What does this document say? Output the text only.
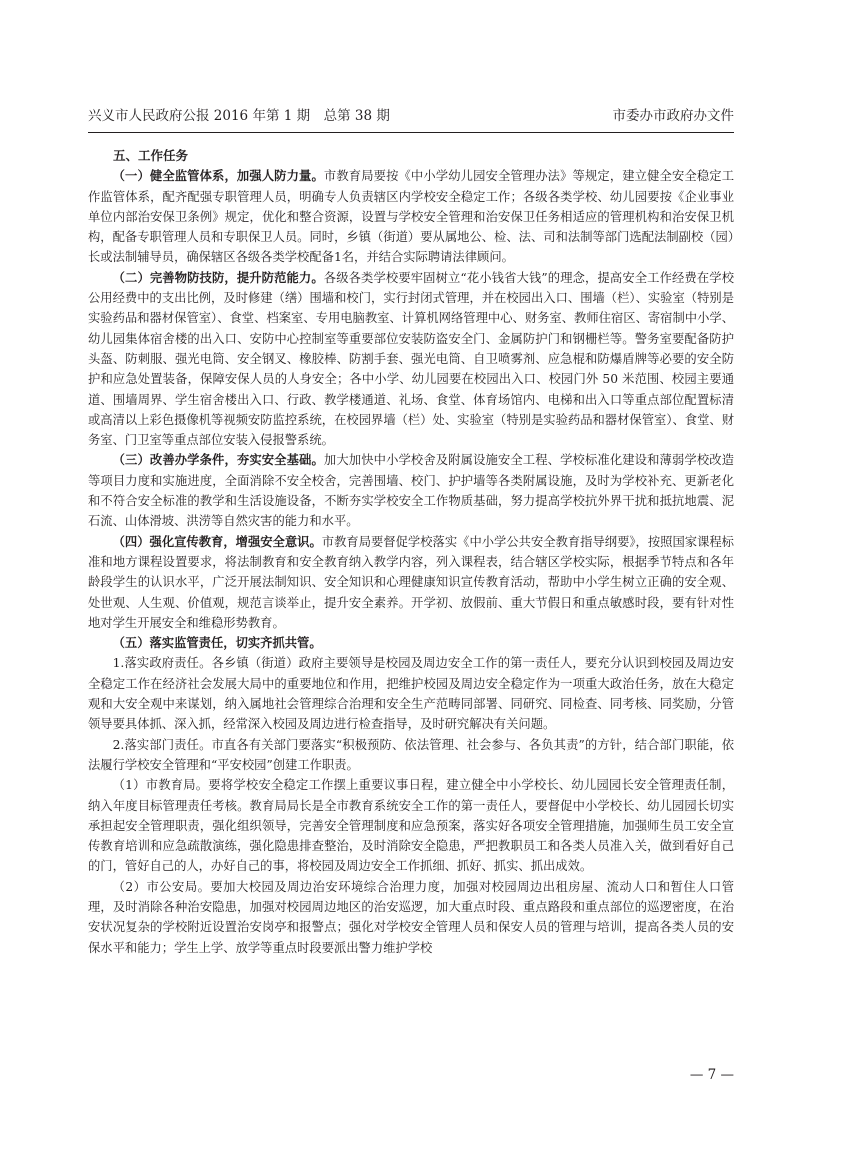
兴义市人民政府公报 2016 年第 1 期　总第 38 期	市委办市政府办文件

五、工作任务

（一）健全监管体系，加强人防力量。市教育局要按《中小学幼儿园安全管理办法》等规定，建立健全安全稳定工作监管体系，配齐配强专职管理人员，明确专人负责辖区内学校安全稳定工作；各级各类学校、幼儿园要按《企业事业单位内部治安保卫条例》规定，优化和整合资源，设置与学校安全管理和治安保卫任务相适应的管理机构和治安保卫机构，配备专职管理人员和专职保卫人员。同时，乡镇（街道）要从属地公、检、法、司和法制等部门选配法制副校（园）长或法制辅导员，确保辖区各级各类学校配备1名，并结合实际聘请法律顾问。

（二）完善物防技防，提升防范能力。各级各类学校要牢固树立“花小钱省大钱”的理念，提高安全工作经费在学校公用经费中的支出比例，及时修建（缮）围墙和校门，实行封闭式管理，并在校园出入口、围墙（栏）、实验室（特别是实验药品和器材保管室）、食堂、档案室、专用电脑教室、计算机网络管理中心、财务室、教师住宿区、寄宿制中小学、幼儿园集体宿舍楼的出入口、安防中心控制室等重要部位安装防盗安全门、金属防护门和钢栅栏等。警务室要配备防护头盔、防刺服、强光电筒、安全钢叉、橡胶棒、防割手套、强光电筒、自卫喷雾剂、应急棍和防爆盾牌等必要的安全防护和应急处置装备，保障安保人员的人身安全；各中小学、幼儿园要在校园出入口、校园门外 50 米范围、校园主要通道、围墙周界、学生宿舍楼出入口、行政、教学楼通道、礼场、食堂、体育场馆内、电梯和出入口等重点部位配置标清或高清以上彩色摄像机等视频安防监控系统，在校园界墙（栏）处、实验室（特别是实验药品和器材保管室）、食堂、财务室、门卫室等重点部位安装入侵报警系统。

（三）改善办学条件，夯实安全基础。加大加快中小学校舍及附属设施安全工程、学校标准化建设和薄弱学校改造等项目力度和实施进度，全面消除不安全校舍，完善围墙、校门、护护墙等各类附属设施，及时为学校补充、更新老化和不符合安全标准的教学和生活设施设备，不断夯实学校安全工作物质基础，努力提高学校抗外界干扰和抵抗地震、泥石流、山体滑坡、洪涝等自然灾害的能力和水平。

（四）强化宣传教育，增强安全意识。市教育局要督促学校落实《中小学公共安全教育指导纲要》，按照国家课程标准和地方课程设置要求，将法制教育和安全教育纳入教学内容，列入课程表，结合辖区学校实际，根据季节特点和各年龄段学生的认识水平，广泛开展法制知识、安全知识和心理健康知识宣传教育活动，帮助中小学生树立正确的安全观、处世观、人生观、价值观，规范言谈举止，提升安全素养。开学初、放假前、重大节假日和重点敏感时段，要有针对性地对学生开展安全和维稳形势教育。

（五）落实监管责任，切实齐抓共管。

1.落实政府责任。各乡镇（街道）政府主要领导是校园及周边安全工作的第一责任人，要充分认识到校园及周边安全稳定工作在经济社会发展大局中的重要地位和作用，把维护校园及周边安全稳定作为一项重大政治任务，放在大稳定观和大安全观中来谋划，纳入属地社会管理综合治理和安全生产范畴同部署、同研究、同检查、同考核、同奖励，分管领导要具体抓、深入抓，经常深入校园及周边进行检查指导，及时研究解决有关问题。

2.落实部门责任。市直各有关部门要落实“积极预防、依法管理、社会参与、各负其责”的方针，结合部门职能，依法履行学校安全管理和“平安校园”创建工作职责。

（1）市教育局。要将学校安全稳定工作摆上重要议事日程，建立健全中小学校长、幼儿园园长安全管理责任制，纳入年度目标管理责任考核。教育局局长是全市教育系统安全工作的第一责任人，要督促中小学校长、幼儿园园长切实承担起安全管理职责，强化组织领导，完善安全管理制度和应急预案，落实好各项安全管理措施，加强师生员工安全宣传教育培训和应急疏散演练，强化隐患排查整治，及时消除安全隐患，严把教职员工和各类人员准入关，做到看好自己的门，管好自己的人，办好自己的事，将校园及周边安全工作抓细、抓好、抓实、抓出成效。

（2）市公安局。要加大校园及周边治安环境综合治理力度，加强对校园周边出租房屋、流动人口和暂住人口管理，及时消除各种治安隐患，加强对校园周边地区的治安巡逻，加大重点时段、重点路段和重点部位的巡逻密度，在治安状况复杂的学校附近设置治安岗亭和报警点；强化对学校安全管理人员和保安人员的管理与培训，提高各类人员的安保水平和能力；学生上学、放学等重点时段要派出警力维护学校

— 7 —
